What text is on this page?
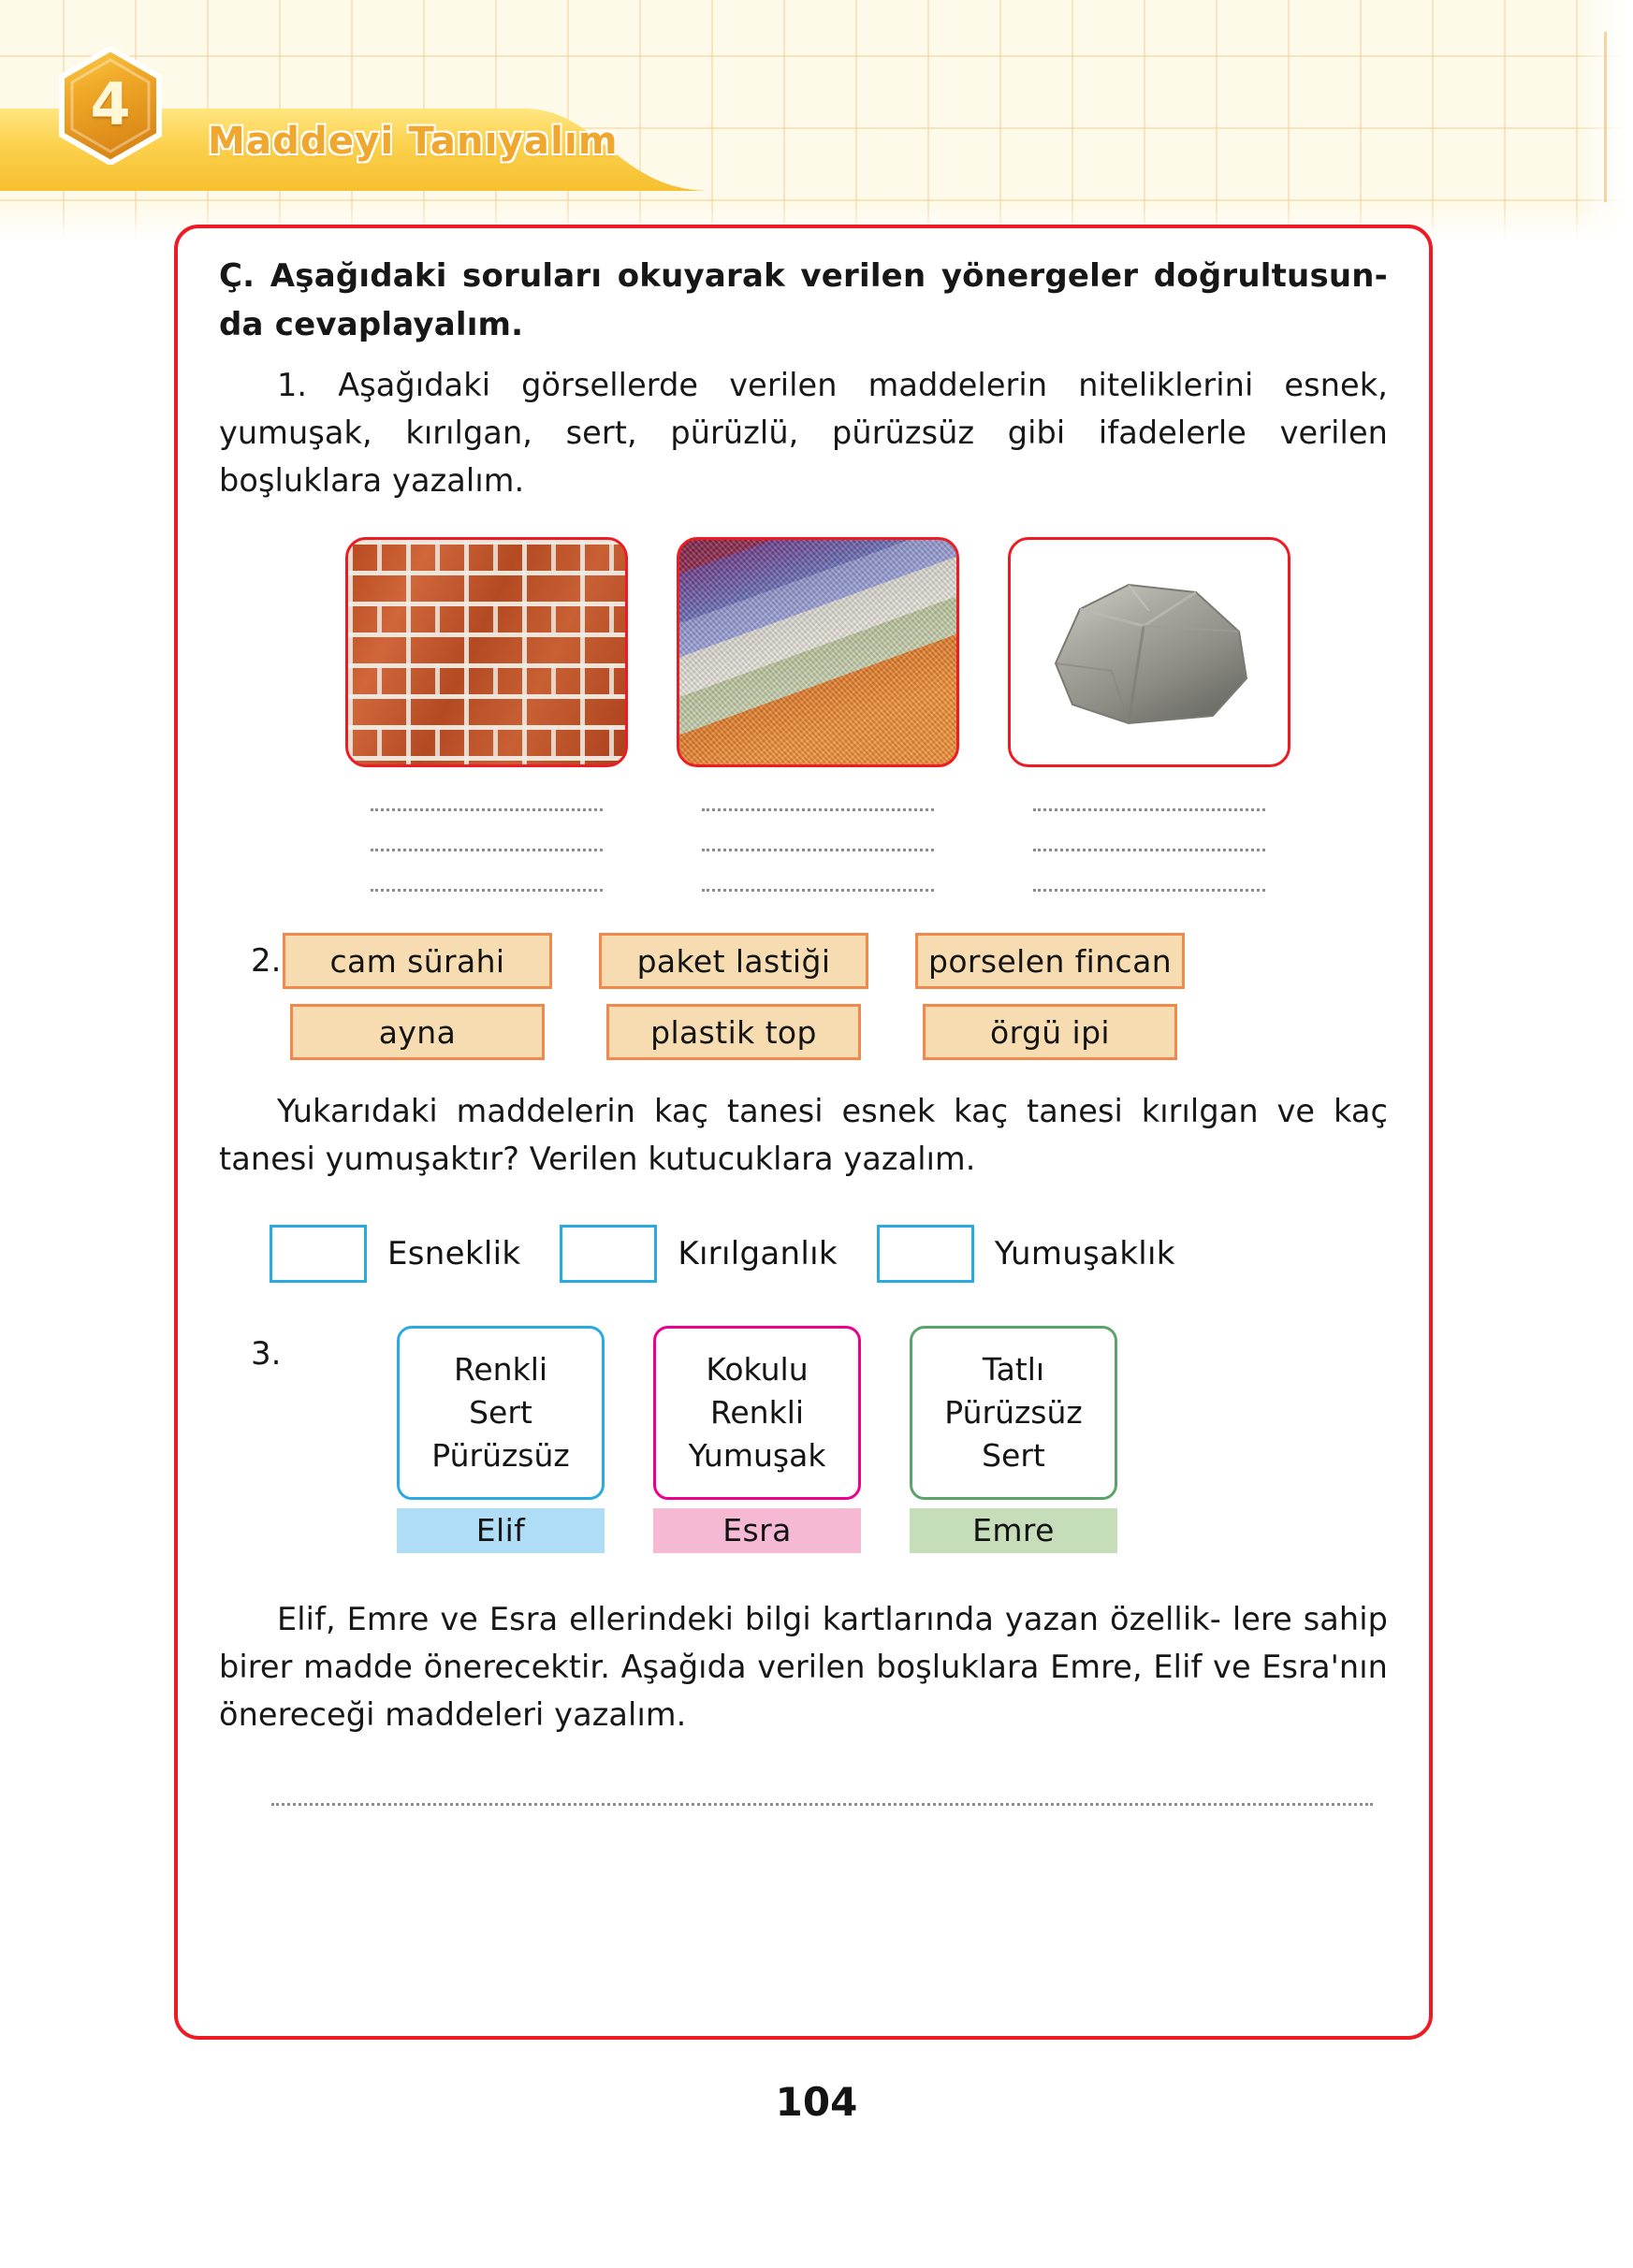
4
Maddeyi Tanıyalım

Ç. Aşağıdaki soruları okuyarak verilen yönergeler doğrultusun- da cevaplayalım.

1. Aşağıdaki görsellerde verilen maddelerin niteliklerini esnek, yumuşak, kırılgan, sert, pürüzlü, pürüzsüz gibi ifadelerle verilen boşluklara yazalım.

2.	cam sürahi	paket lastiği	porselen fincan
ayna	plastik top	örgü ipi

Yukarıdaki maddelerin kaç tanesi esnek kaç tanesi kırılgan ve kaç tanesi yumuşaktır? Verilen kutucuklara yazalım.

Esneklik	Kırılganlık	Yumuşaklık
3.	Renkli
Sert
Pürüzsüz
Elif
Kokulu
Renkli
Yumuşak
Esra
Tatlı
Pürüzsüz
Sert
Emre

Elif, Emre ve Esra ellerindeki bilgi kartlarında yazan özellik- lere sahip birer madde önerecektir. Aşağıda verilen boşluklara Emre, Elif ve Esra'nın önereceği maddeleri yazalım.

104
